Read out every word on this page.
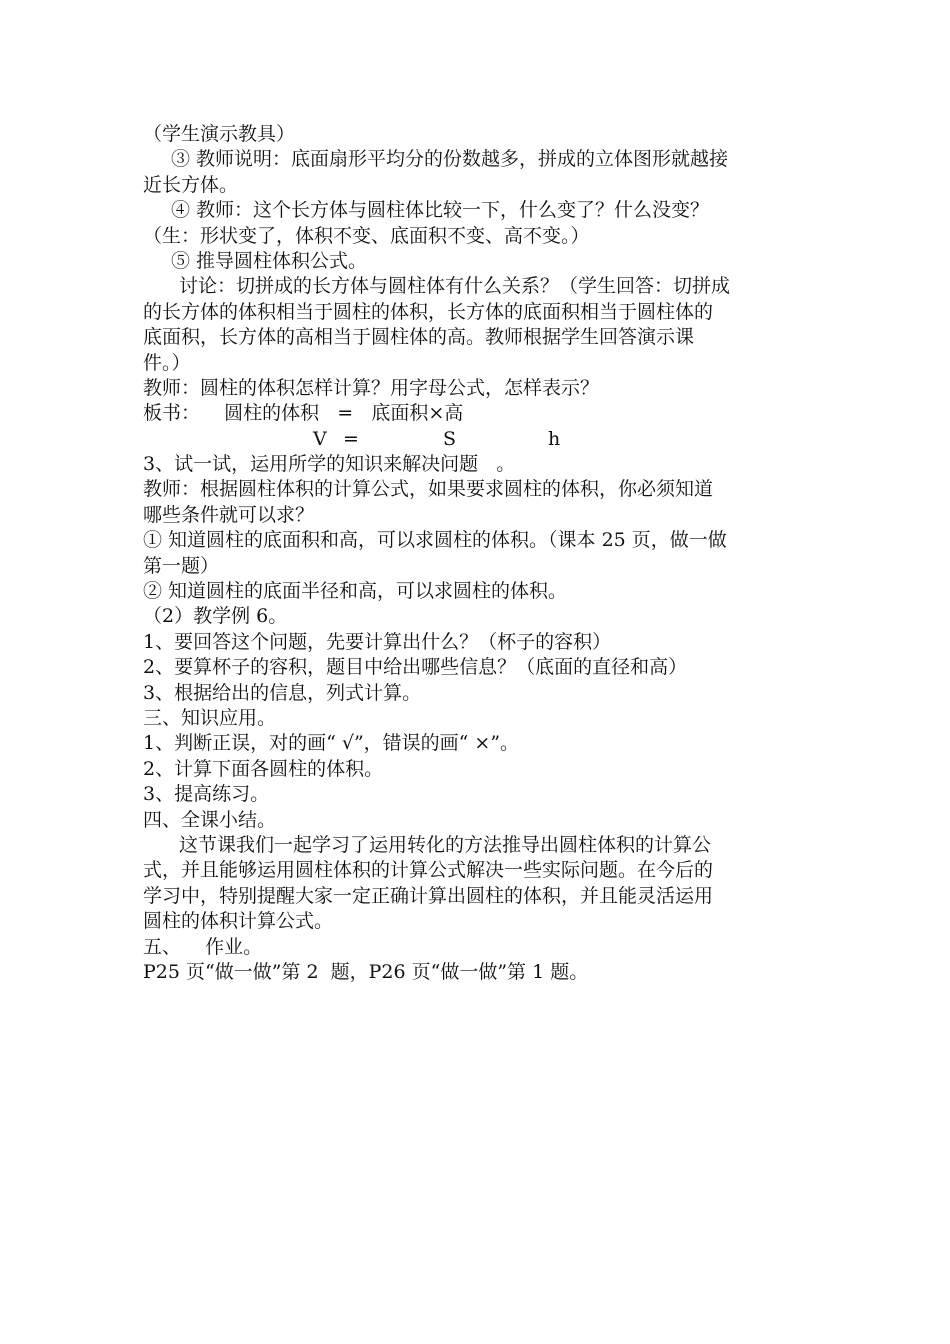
（学生演示教具）
③ 教师说明：底面扇形平均分的份数越多，拼成的立体图形就越接
近长方体。
④ 教师：这个长方体与圆柱体比较一下，什么变了？什么没变？
（生：形状变了，体积不变、底面积不变、高不变。）
⑤ 推导圆柱体积公式。
讨论：切拼成的长方体与圆柱体有什么关系？（学生回答：切拼成
的长方体的体积相当于圆柱的体积，长方体的底面积相当于圆柱体的
底面积，长方体的高相当于圆柱体的高。教师根据学生回答演示课
件。）
教师：圆柱的体积怎样计算？用字母公式，怎样表示？
板书：    圆柱的体积   =   底面积×高
V =	S	h
3、试一试，运用所学的知识来解决问题   。
教师：根据圆柱体积的计算公式，如果要求圆柱的体积，你必须知道
哪些条件就可以求？
① 知道圆柱的底面积和高，可以求圆柱的体积。（课本 25 页，做一做
第一题）
② 知道圆柱的底面半径和高，可以求圆柱的体积。
（2）教学例 6。
1、要回答这个问题，先要计算出什么？（杯子的容积）
2、要算杯子的容积，题目中给出哪些信息？（底面的直径和高）
3、根据给出的信息，列式计算。
三、知识应用。
1、判断正误，对的画“ √”，错误的画“ ×”。
2、计算下面各圆柱的体积。
3、提高练习。
四、全课小结。
这节课我们一起学习了运用转化的方法推导出圆柱体积的计算公
式，并且能够运用圆柱体积的计算公式解决一些实际问题。在今后的
学习中，特别提醒大家一定正确计算出圆柱的体积，并且能灵活运用
圆柱的体积计算公式。
五、    作业。
P25 页“做一做”第 2  题，P26 页“做一做”第 1 题。
